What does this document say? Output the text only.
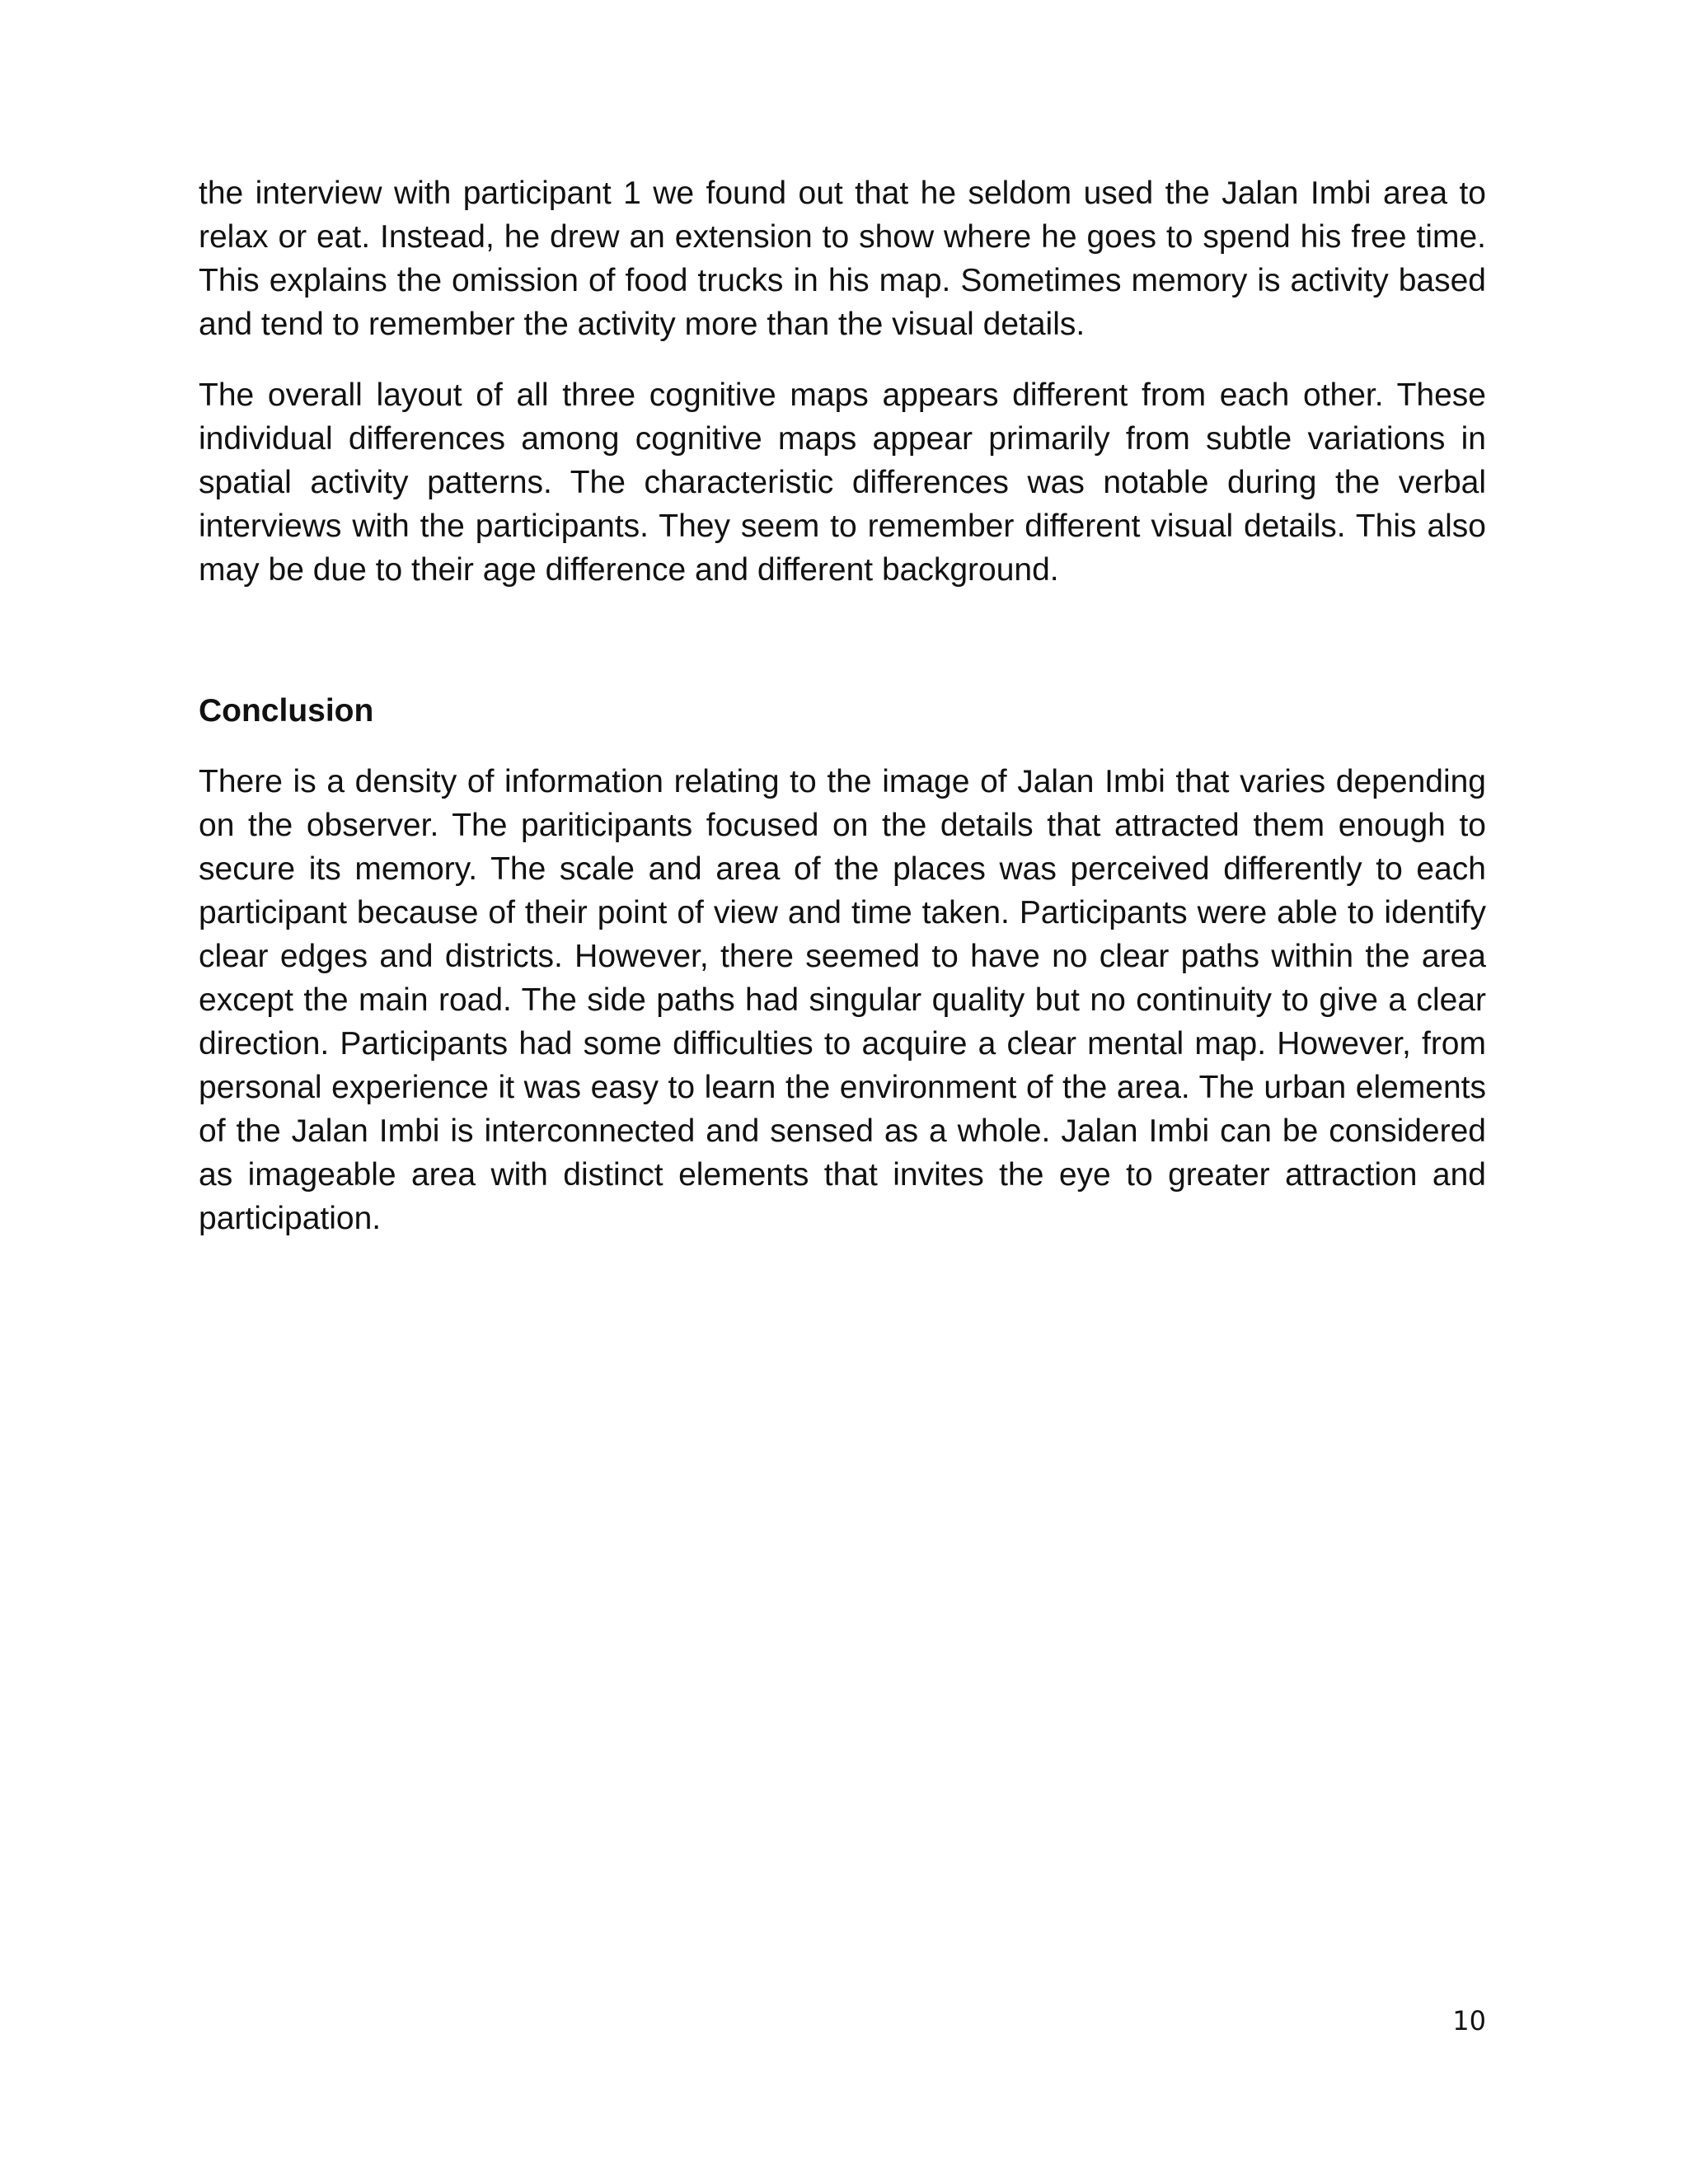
the interview with participant 1 we found out that he seldom used the Jalan Imbi area to relax or eat. Instead, he drew an extension to show where he goes to spend his free time. This explains the omission of food trucks in his map. Sometimes memory is activity based and tend to remember the activity more than the visual details.

The overall layout of all three cognitive maps appears different from each other. These individual differences among cognitive maps appear primarily from subtle variations in spatial activity patterns. The characteristic differences was notable during the verbal interviews with the participants. They seem to remember different visual details. This also may be due to their age difference and different background.

Conclusion

There is a density of information relating to the image of Jalan Imbi that varies depending on the observer. The pariticipants focused on the details that attracted them enough to secure its memory. The scale and area of the places was perceived differently to each participant because of their point of view and time taken. Participants were able to identify clear edges and districts. However, there seemed to have no clear paths within the area except the main road. The side paths had singular quality but no continuity to give a clear direction. Participants had some difficulties to acquire a clear mental map. However, from personal experience it was easy to learn the environment of the area. The urban elements of the Jalan Imbi is interconnected and sensed as a whole. Jalan Imbi can be considered as imageable area with distinct elements that invites the eye to greater attraction and participation.

10
